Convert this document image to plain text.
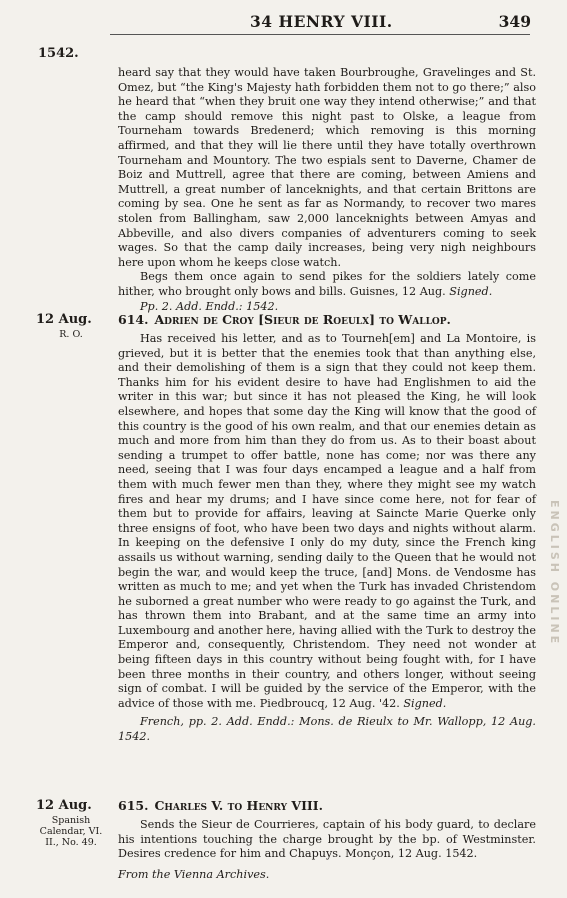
34 HENRY VIII.	349
1542.

heard say that they would have taken Bourbroughe, Gravelinges and St. Omez, but “the King's Majesty hath forbidden them not to go there;” also he heard that “when they bruit one way they intend otherwise;” and that the camp should remove this night past to Olske, a league from Tourneham towards Bredenerd; which removing is this morning affirmed, and that they will lie there until they have totally overthrown Tourneham and Mountory. The two espials sent to Daverne, Chamer de Boiz and Muttrell, agree that there are coming, between Amiens and Muttrell, a great number of lanceknights, and that certain Brittons are coming by sea. One he sent as far as Normandy, to recover two mares stolen from Ballingham, saw 2,000 lanceknights between Amyas and Abbeville, and also divers companies of adventurers coming to seek wages. So that the camp daily increases, being very nigh neighbours here upon whom he keeps close watch.

Begs them once again to send pikes for the soldiers lately come hither, who brought only bows and bills. Guisnes, 12 Aug. Signed.

Pp. 2. Add. Endd.: 1542.

12 Aug.
R. O.
614. Adrien de Croy [Sieur de Roeulx] to Wallop.

Has received his letter, and as to Tourneh[em] and La Montoire, is grieved, but it is better that the enemies took that than anything else, and their demolishing of them is a sign that they could not keep them. Thanks him for his evident desire to have had Englishmen to aid the writer in this war; but since it has not pleased the King, he will look elsewhere, and hopes that some day the King will know that the good of this country is the good of his own realm, and that our enemies detain as much and more from him than they do from us. As to their boast about sending a trumpet to offer battle, none has come; nor was there any need, seeing that I was four days encamped a league and a half from them with much fewer men than they, where they might see my watch fires and hear my drums; and I have since come here, not for fear of them but to provide for affairs, leaving at Saincte Marie Querke only three ensigns of foot, who have been two days and nights without alarm. In keeping on the defensive I only do my duty, since the French king assails us without warning, sending daily to the Queen that he would not begin the war, and would keep the truce, [and] Mons. de Vendosme has written as much to me; and yet when the Turk has invaded Christendom he suborned a great number who were ready to go against the Turk, and has thrown them into Brabant, and at the same time an army into Luxembourg and another here, having allied with the Turk to destroy the Emperor and, consequently, Christendom. They need not wonder at being fifteen days in this country without being fought with, for I have been three months in their country, and others longer, without seeing sign of combat. I will be guided by the service of the Emperor, with the advice of those with me. Piedbroucq, 12 Aug. '42. Signed.

French, pp. 2. Add. Endd.: Mons. de Rieulx to Mr. Wallopp, 12 Aug. 1542.

12 Aug.
Spanish Calendar, VI. II., No. 49.
615. Charles V. to Henry VIII.

Sends the Sieur de Courrieres, captain of his body guard, to declare his intentions touching the charge brought by the bp. of Westminster. Desires credence for him and Chapuys. Monçon, 12 Aug. 1542.

From the Vienna Archives.

ENGLISH ONLINE
